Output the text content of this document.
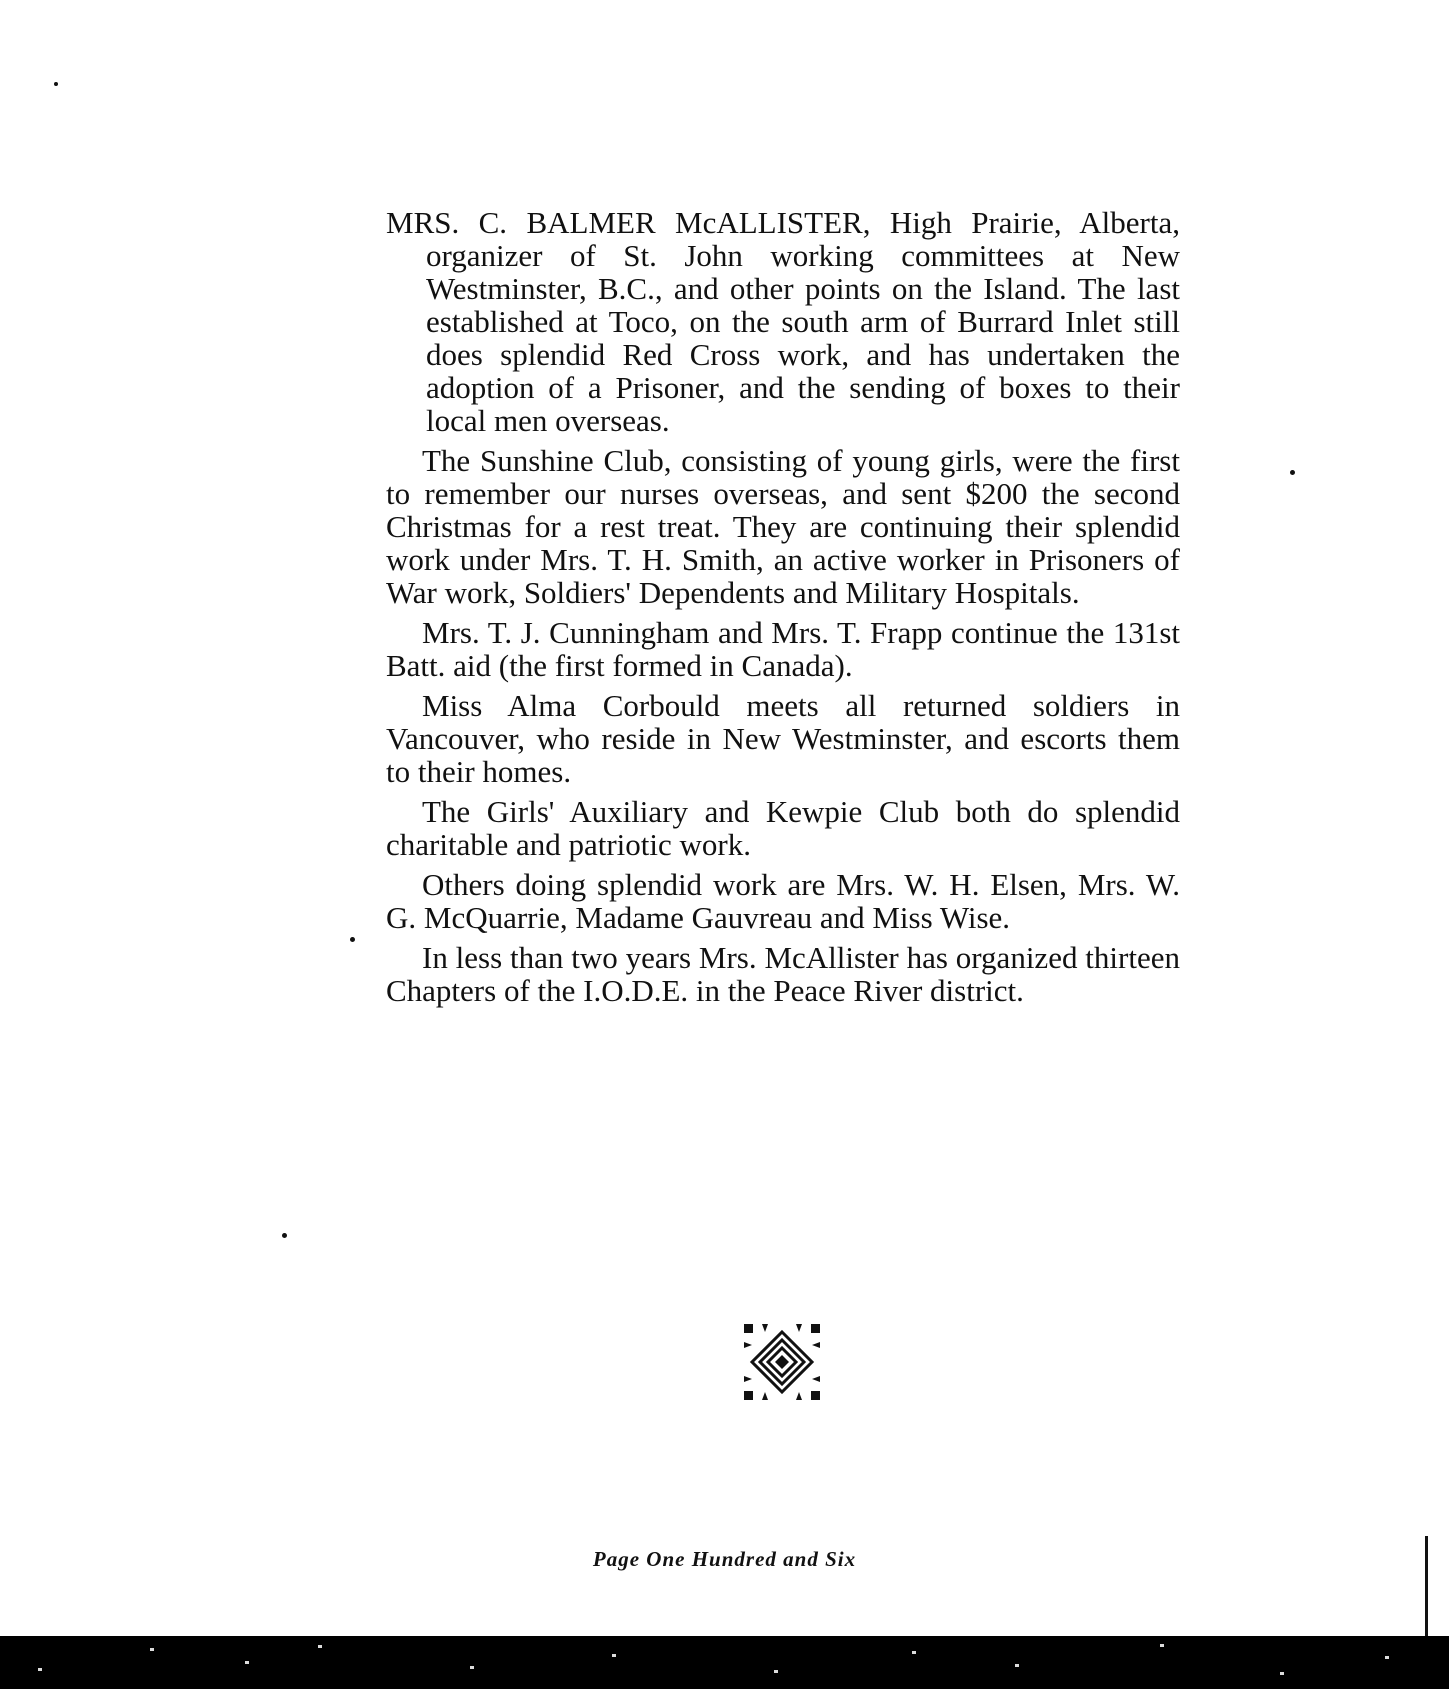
MRS. C. BALMER McALLISTER, High Prairie, Alberta, organizer of St. John working committees at New Westminster, B.C., and other points on the Island. The last established at Toco, on the south arm of Burrard Inlet still does splendid Red Cross work, and has undertaken the adoption of a Prisoner, and the sending of boxes to their local men overseas.

The Sunshine Club, consisting of young girls, were the first to remember our nurses overseas, and sent $200 the second Christmas for a rest treat. They are continuing their splendid work under Mrs. T. H. Smith, an active worker in Prisoners of War work, Soldiers' Dependents and Military Hospitals.

Mrs. T. J. Cunningham and Mrs. T. Frapp continue the 131st Batt. aid (the first formed in Canada).

Miss Alma Corbould meets all returned soldiers in Vancouver, who reside in New Westminster, and escorts them to their homes.

The Girls' Auxiliary and Kewpie Club both do splendid charitable and patriotic work.

Others doing splendid work are Mrs. W. H. Elsen, Mrs. W. G. McQuarrie, Madame Gauvreau and Miss Wise.

In less than two years Mrs. McAllister has organized thirteen Chapters of the I.O.D.E. in the Peace River district.

Page One Hundred and Six
